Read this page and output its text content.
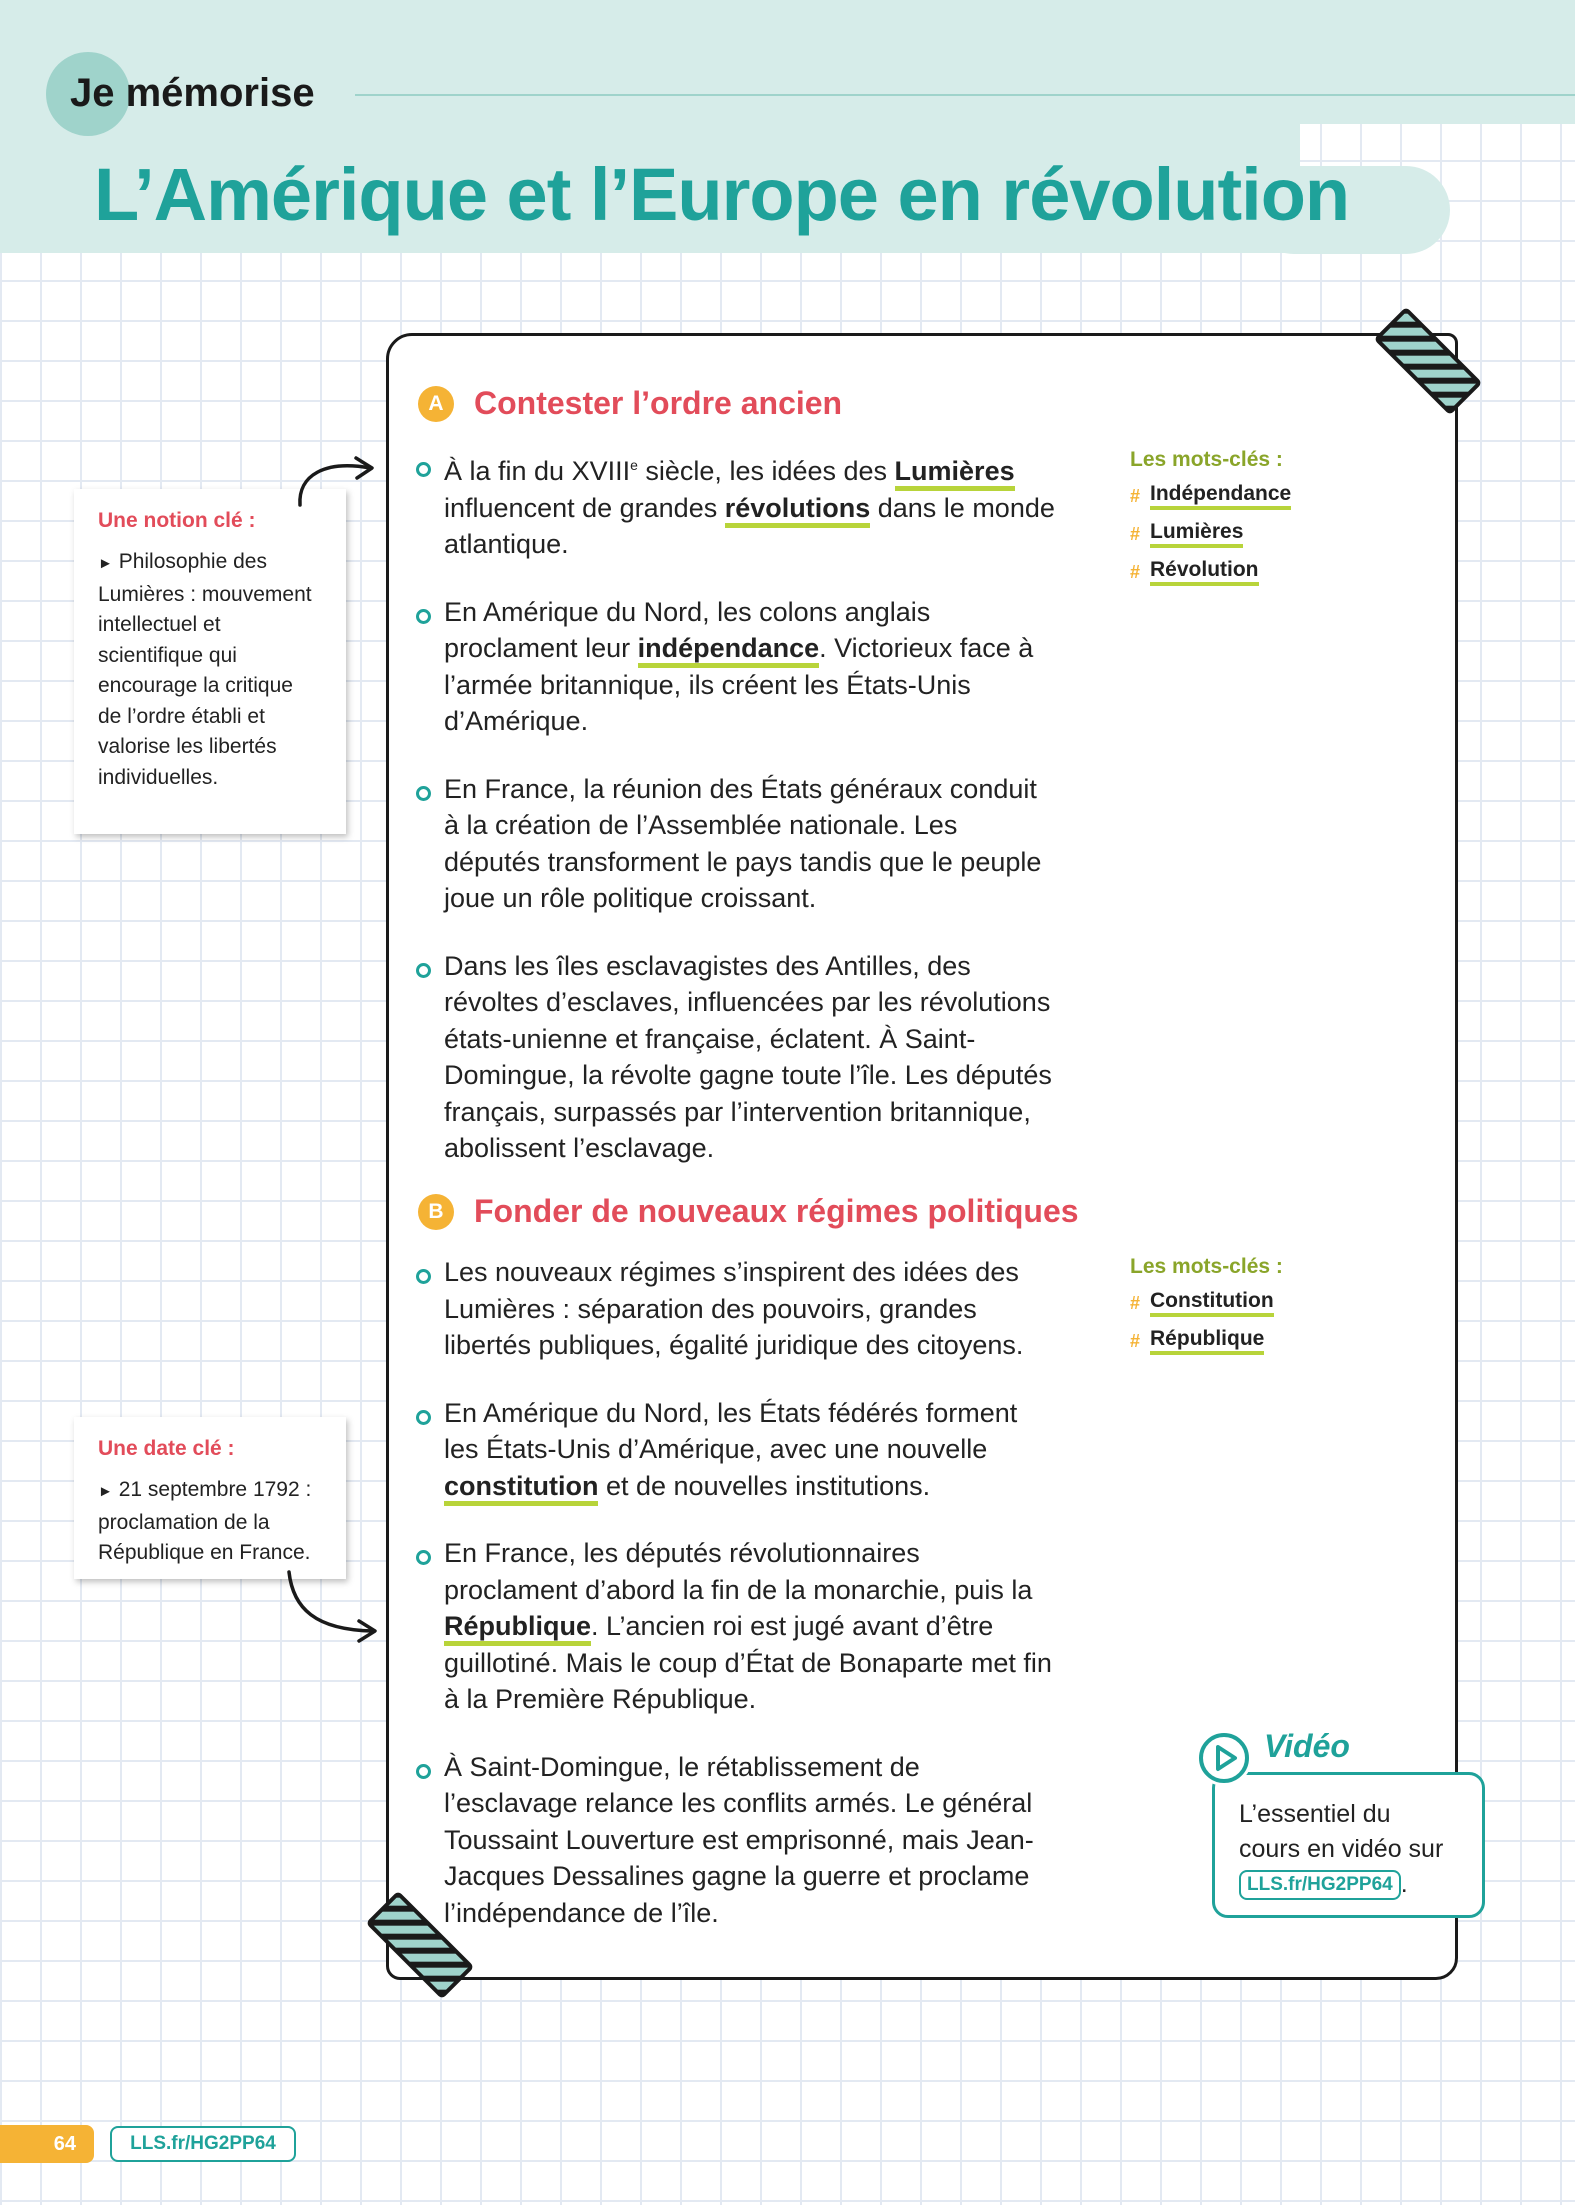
Je mémorise
L’Amérique et l’Europe en révolution
A Contester l’ordre ancien
À la fin du XVIIIe siècle, les idées des Lumières influencent de grandes révolutions dans le monde atlantique.
En Amérique du Nord, les colons anglais proclament leur indépendance. Victorieux face à l’armée britannique, ils créent les États-Unis d’Amérique.
En France, la réunion des États généraux conduit à la création de l’Assemblée nationale. Les députés transforment le pays tandis que le peuple joue un rôle politique croissant.
Dans les îles esclavagistes des Antilles, des révoltes d’esclaves, influencées par les révolutions états-unienne et française, éclatent. À Saint-Domingue, la révolte gagne toute l’île. Les députés français, surpassés par l’intervention britannique, abolissent l’esclavage.
Les mots-clés :
# Indépendance
# Lumières
# Révolution
B Fonder de nouveaux régimes politiques
Les nouveaux régimes s’inspirent des idées des Lumières : séparation des pouvoirs, grandes libertés publiques, égalité juridique des citoyens.
En Amérique du Nord, les États fédérés forment les États-Unis d’Amérique, avec une nouvelle constitution et de nouvelles institutions.
En France, les députés révolutionnaires proclament d’abord la fin de la monarchie, puis la République. L’ancien roi est jugé avant d’être guillotiné. Mais le coup d’État de Bonaparte met fin à la Première République.
À Saint-Domingue, le rétablissement de l’esclavage relance les conflits armés. Le général Toussaint Louverture est emprisonné, mais Jean-Jacques Dessalines gagne la guerre et proclame l’indépendance de l’île.
Les mots-clés :
# Constitution
# République
Une notion clé :
► Philosophie des Lumières : mouvement intellectuel et scientifique qui encourage la critique de l’ordre établi et valorise les libertés individuelles.
Une date clé :
► 21 septembre 1792 : proclamation de la République en France.
L’essentiel du cours en vidéo sur LLS.fr/HG2PP64 .
Vidéo
64	LLS.fr/HG2PP64
